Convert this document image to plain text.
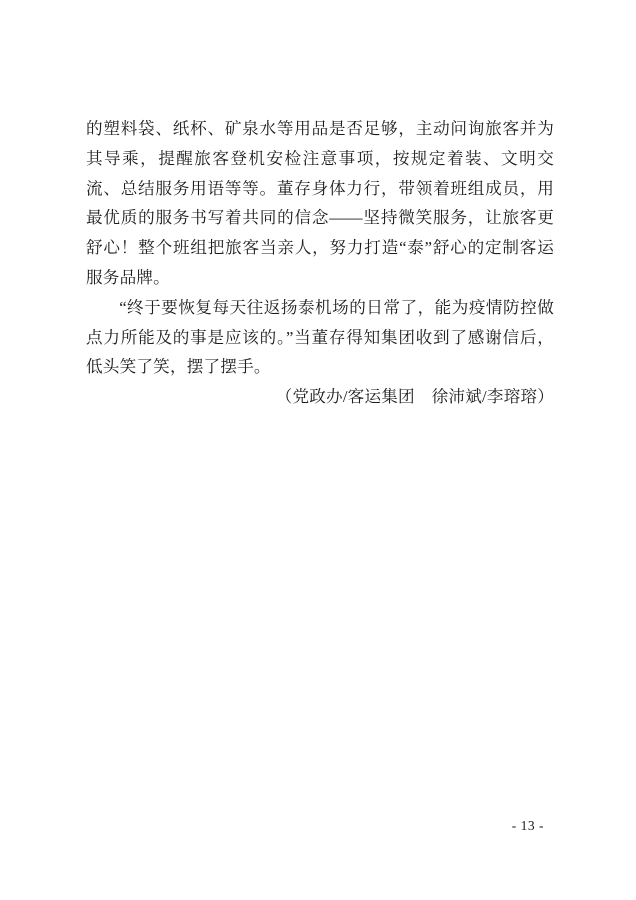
的塑料袋、纸杯、矿泉水等用品是否足够，主动问询旅客并为其导乘，提醒旅客登机安检注意事项，按规定着装、文明交流、总结服务用语等等。董存身体力行，带领着班组成员，用最优质的服务书写着共同的信念——坚持微笑服务，让旅客更舒心！整个班组把旅客当亲人，努力打造“泰”舒心的定制客运服务品牌。

“终于要恢复每天往返扬泰机场的日常了，能为疫情防控做点力所能及的事是应该的。”当董存得知集团收到了感谢信后，低头笑了笑，摆了摆手。

（党政办/客运集团　徐沛斌/李瑢瑢）

- 13 -
